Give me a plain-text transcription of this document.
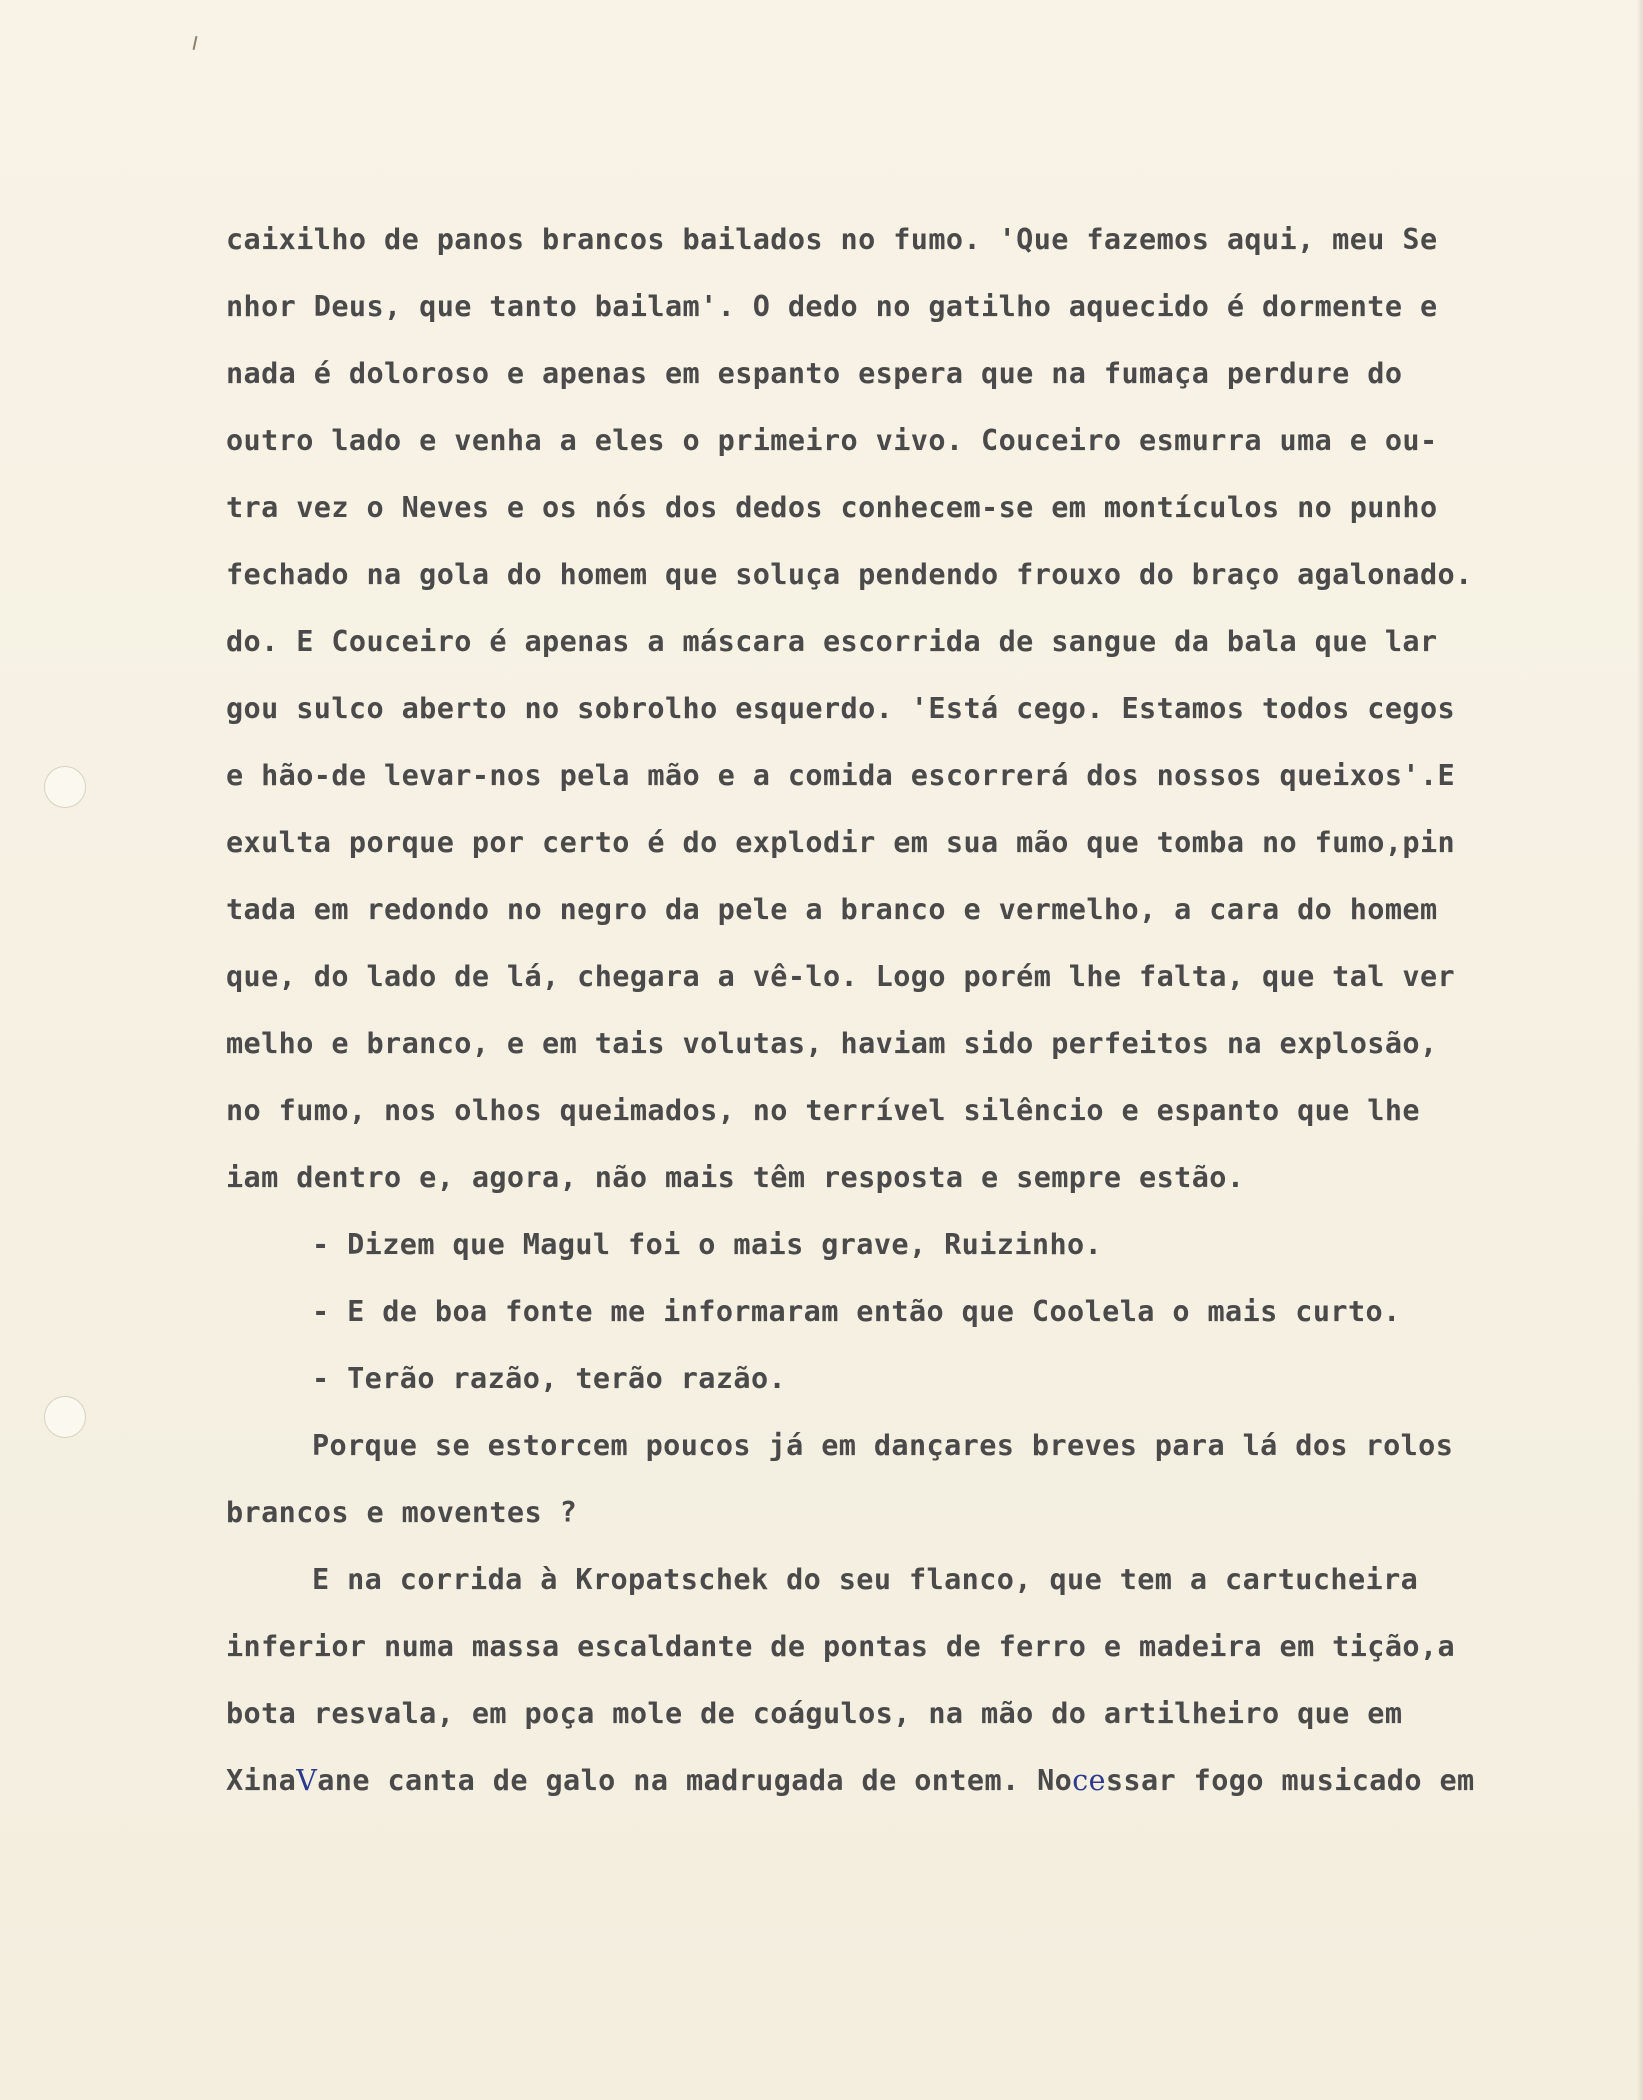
caixilho de panos brancos bailados no fumo. 'Que fazemos aqui, meu Se
nhor Deus, que tanto bailam'. O dedo no gatilho aquecido é dormente e
nada é doloroso e apenas em espanto espera que na fumaça perdure do
outro lado e venha a eles o primeiro vivo. Couceiro esmurra uma e ou-
tra vez o Neves e os nós dos dedos conhecem-se em montículos no punho
fechado na gola do homem que soluça pendendo frouxo do braço agalonado.
do. E Couceiro é apenas a máscara escorrida de sangue da bala que lar
gou sulco aberto no sobrolho esquerdo. 'Está cego. Estamos todos cegos
e hão-de levar-nos pela mão e a comida escorrerá dos nossos queixos'.E
exulta porque por certo é do explodir em sua mão que tomba no fumo,pin
tada em redondo no negro da pele a branco e vermelho, a cara do homem
que, do lado de lá, chegara a vê-lo. Logo porém lhe falta, que tal ver
melho e branco, e em tais volutas, haviam sido perfeitos na explosão,
no fumo, nos olhos queimados, no terrível silêncio e espanto que lhe
iam dentro e, agora, não mais têm resposta e sempre estão.
- Dizem que Magul foi o mais grave, Ruizinho.
- E de boa fonte me informaram então que Coolela o mais curto.
- Terão razão, terão razão.
Porque se estorcem poucos já em dançares breves para lá dos rolos
brancos e moventes ?
E na corrida à Kropatschek do seu flanco, que tem a cartucheira
inferior numa massa escaldante de pontas de ferro e madeira em tição,a
bota resvala, em poça mole de coágulos, na mão do artilheiro que em
XinaVane canta de galo na madrugada de ontem. Nocessar fogo musicado em
